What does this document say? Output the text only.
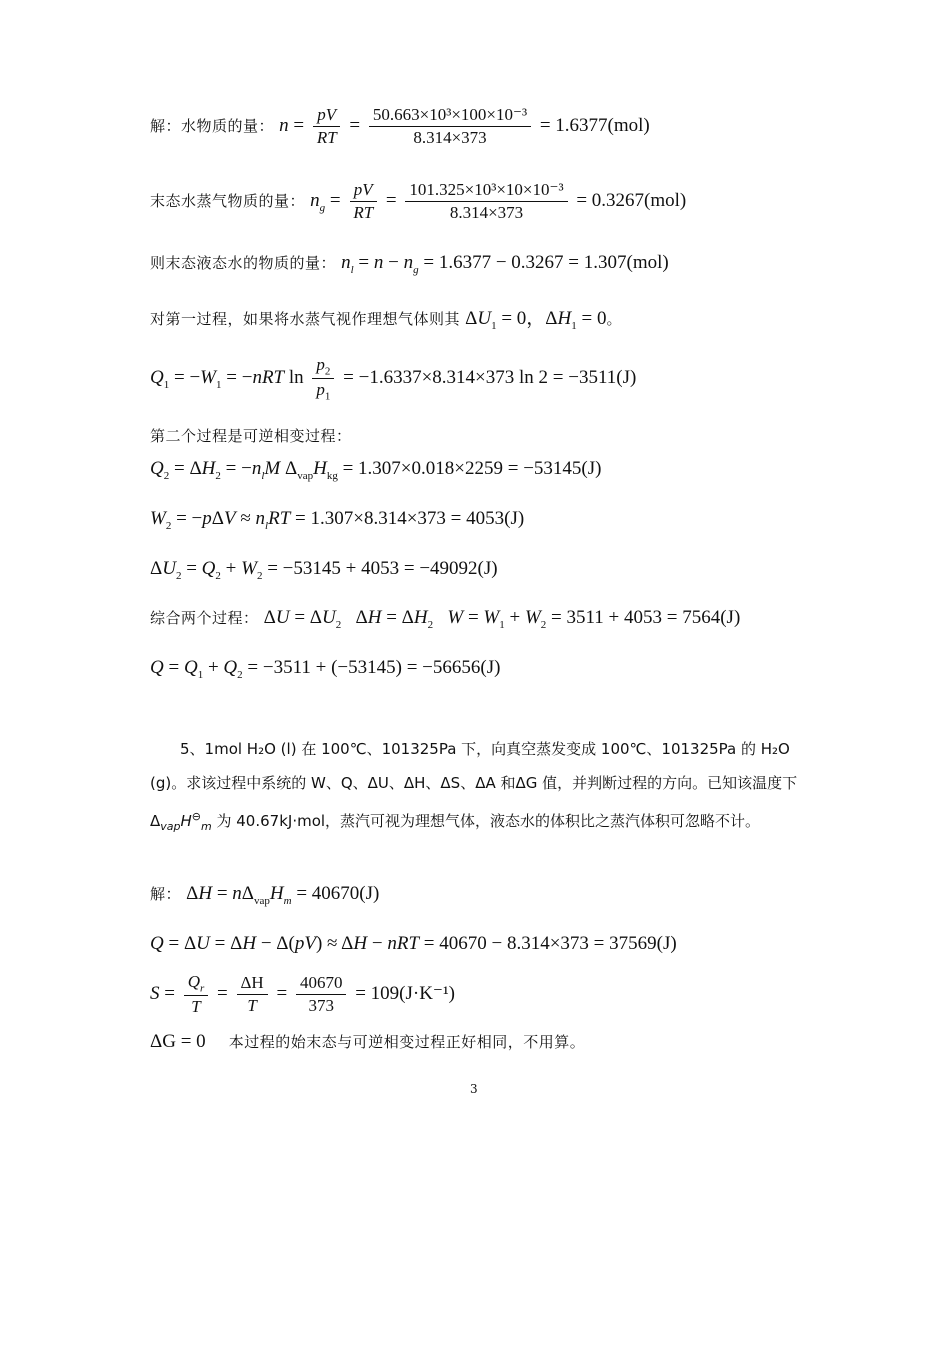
解：水物质的量： $n = \frac{pV}{RT} = \frac{\text{50.663×10³×100×10⁻³}}{8.314\times 373} = 1.6377(mol)$
末态水蒸气物质的量： $n_g = \frac{pV}{RT} = \frac{\text{101.325×10³×10×10⁻³}}{8.314\times 373} = 0.3267(mol)$
则末态液态水的物质的量： $n_l = n - n_g = 1.6377 - 0.3267 = 1.307(mol)$
对第一过程，如果将水蒸气视作理想气体则其 $\Delta U_1 = 0$，$\Delta H_1 = 0$。
$Q_1 = -W_1 = -nRT$ $\ln \frac{p_2}{p_1} = -1.6337\times 8.314\times 373$ ln 2 = −3511(J)
第二个过程是可逆相变过程：
$Q_2 = \Delta H_2 = -n_lM$ $\Delta_{vap}H_{kg} = 1.307\times 0.018\times 2259 = -53145(J)$
$W_2 = -p\Delta V \approx n_lRT = 1.307\times 8.314\times 373 = 4053(J)$
$\Delta U_2 = Q_2 + W_2 = -53145 + 4053 = -49092(J)$
综合两个过程： $\Delta U = \Delta U_2$   $\Delta H = \Delta H_2$ $W = W_1 + W_2 = 3511 + 4053 = 7564(J)$
$Q = Q_1 + Q_2 = -3511 + (-53145) = -56656(J)$
5、1mol H₂O (l) 在 100℃、101325Pa 下，向真空蒸发变成 100℃、101325Pa 的 H₂O (g)。求该过程中系统的 W、Q、ΔU、ΔH、ΔS、ΔA 和ΔG 值，并判断过程的方向。已知该温度下 $\Delta_{vap}H^⊖_m$ 为 40.67kJ·mol，蒸汽可视为理想气体，液态水的体积比之蒸汽体积可忽略不计。
解： $\Delta H = n\Delta_{vap}H_m = 40670(J)$
Q = ΔU = ΔH − Δ(pV) ≈ ΔH − nRT = 40670 − 8.314×373 = 37569(J)
$S = \frac{Q_r}{T} = \frac{\Delta H}{T} = \frac{40670}{373} = 109(J\cdot K^{-1})$
ΔG = 0 本过程的始末态与可逆相变过程正好相同，不用算。
3
